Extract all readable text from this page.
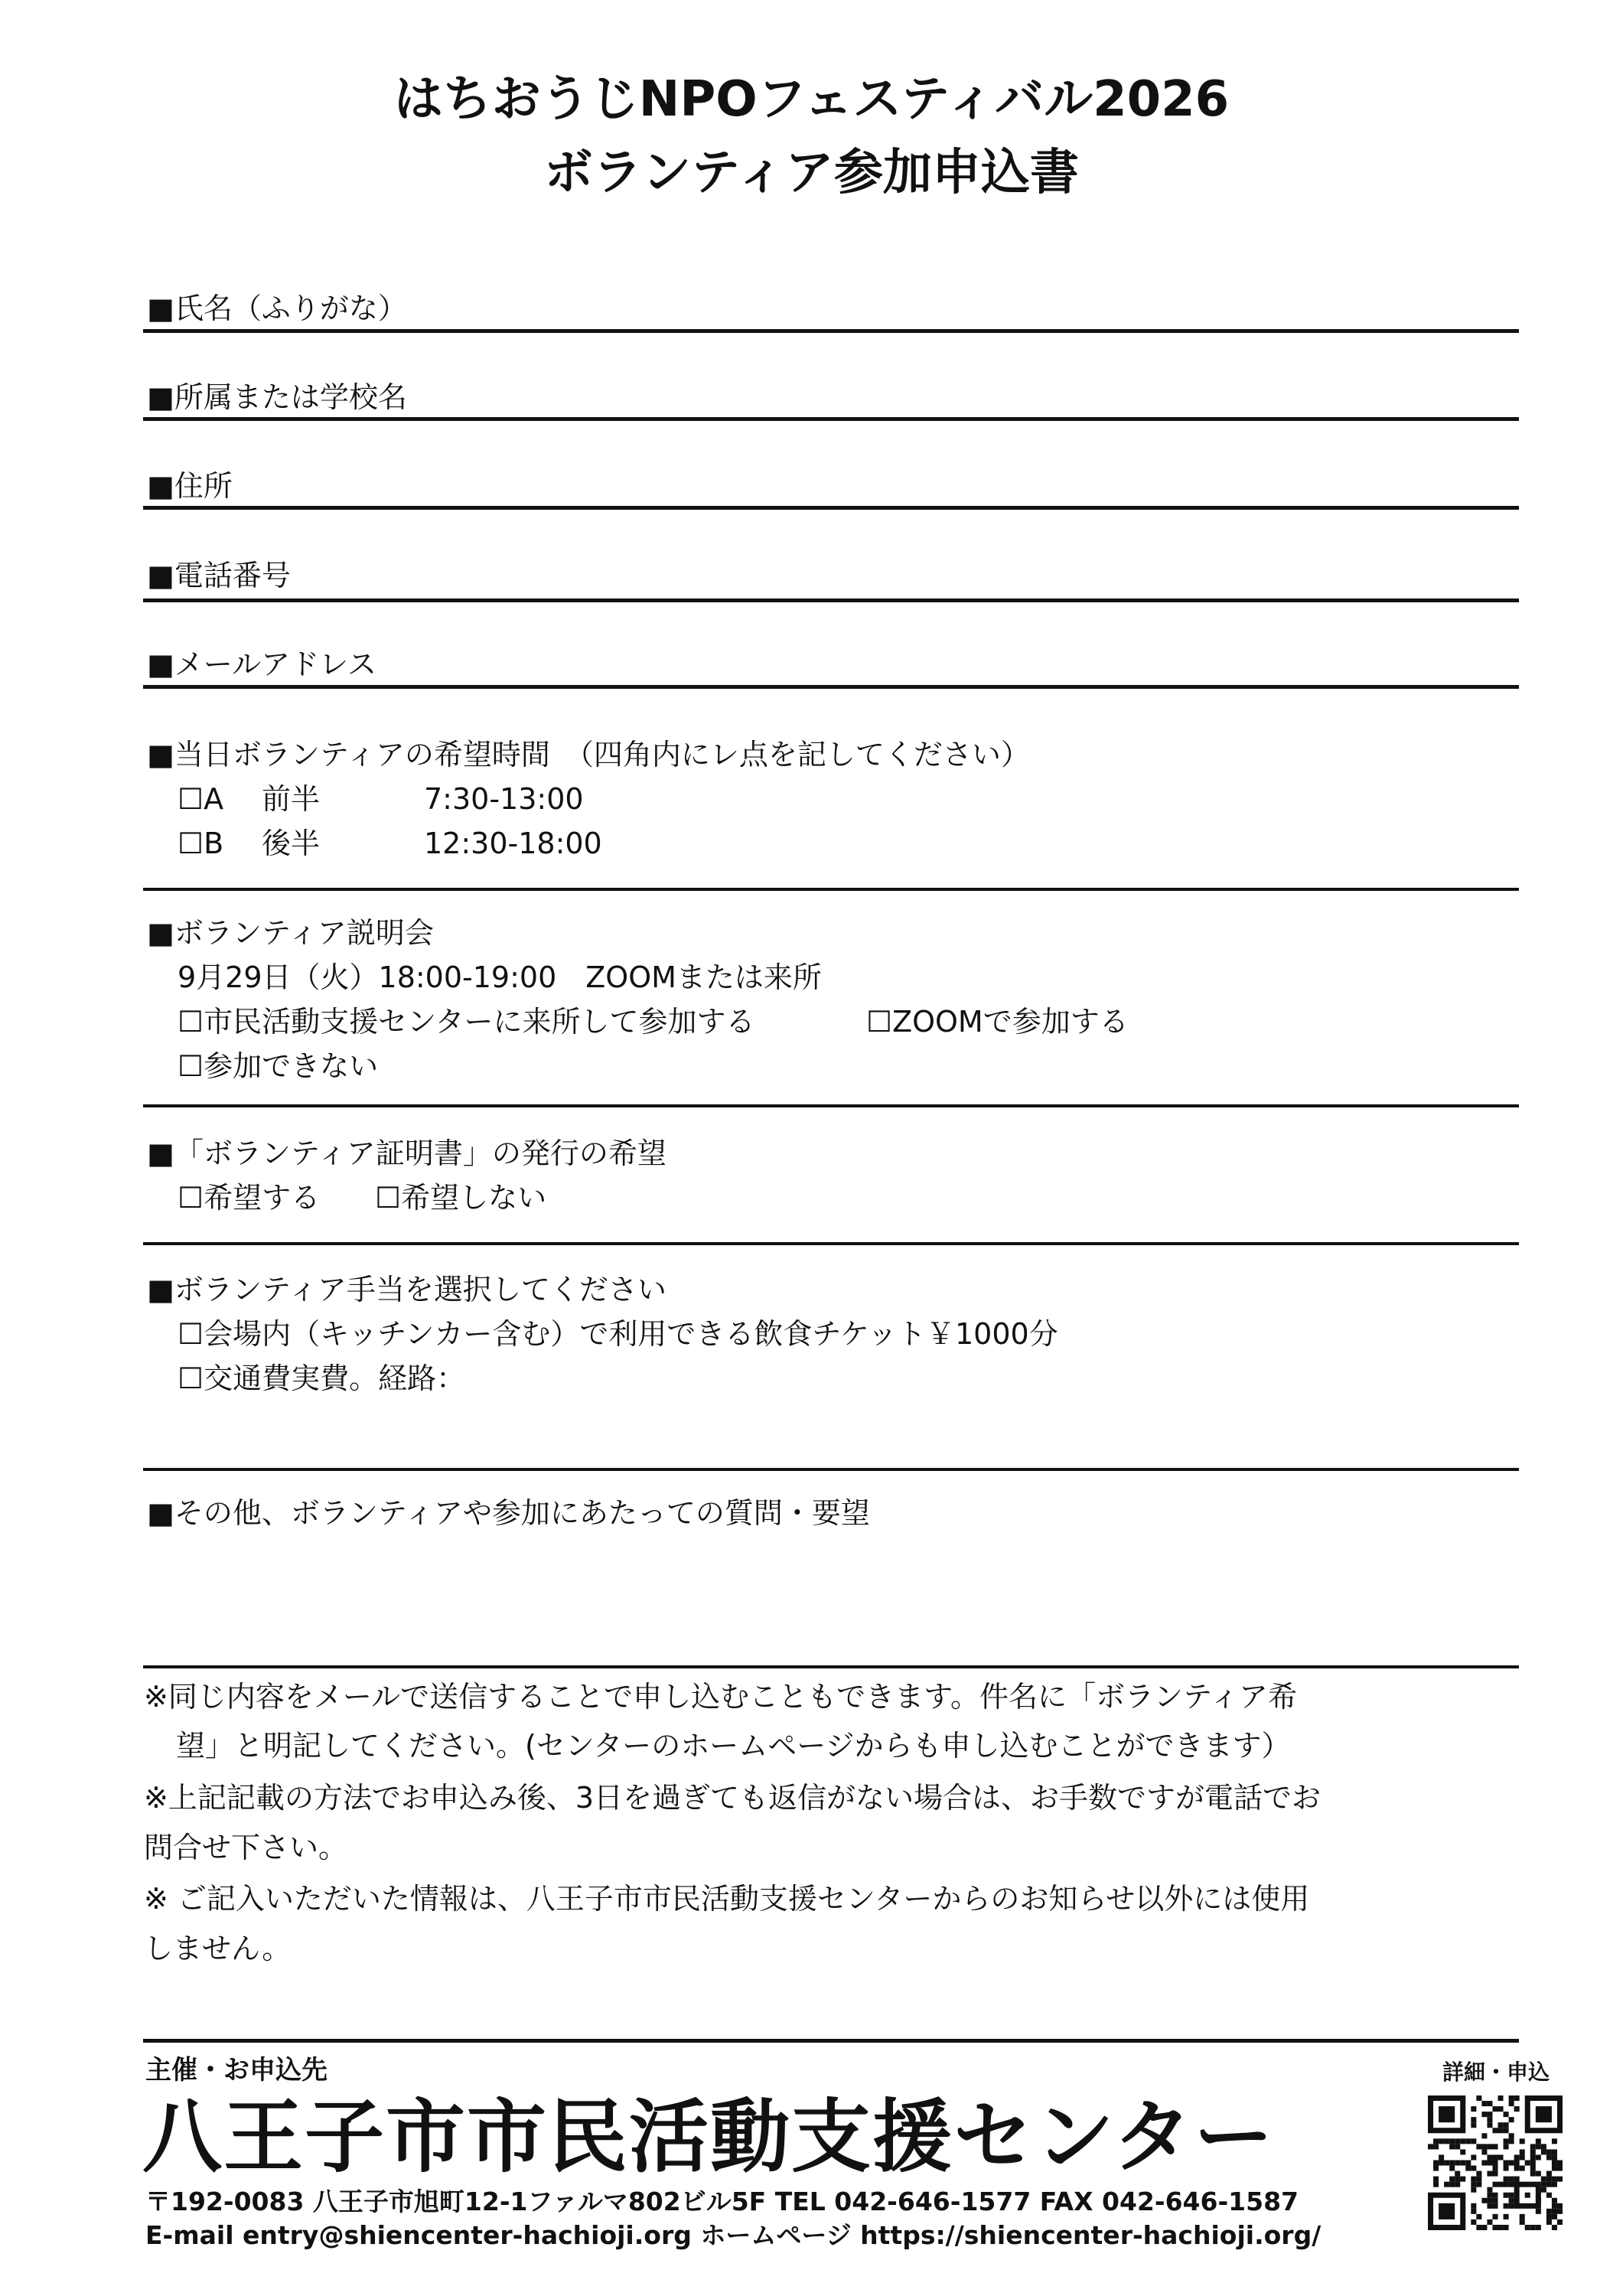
はちおうじNPOフェスティバル2026
ボランティア参加申込書
■氏名（ふりがな）
■所属または学校名
■住所
■電話番号
■メールアドレス
■当日ボランティアの希望時間　（四角内にレ点を記してください）
☐A 前半	7:30-13:00
☐B 後半	12:30-18:00
■ボランティア説明会
9月29日（火）18:00-19:00　ZOOMまたは来所
☐市民活動支援センターに来所して参加する	☐ZOOMで参加する
☐参加できない
■「ボランティア証明書」の発行の希望
☐希望する ☐希望しない
■ボランティア手当を選択してください
☐会場内（キッチンカー含む）で利用できる飲食チケット￥1000分
☐交通費実費。経路：
■その他、ボランティアや参加にあたっての質問・要望
※同じ内容をメールで送信することで申し込むこともできます。件名に「ボランティア希
望」と明記してください。(センターのホームページからも申し込むことができます）
※上記記載の方法でお申込み後、3日を過ぎても返信がない場合は、お手数ですが電話でお
問合せ下さい。
※ ご記入いただいた情報は、八王子市市民活動支援センターからのお知らせ以外には使用
しません。
主催・お申込先
八王子市市民活動支援センター
〒192-0083 八王子市旭町12-1ファルマ802ビル5F TEL 042-646-1577 FAX 042-646-1587
E-mail entry@shiencenter-hachioji.org ホームページ https://shiencenter-hachioji.org/
詳細・申込
